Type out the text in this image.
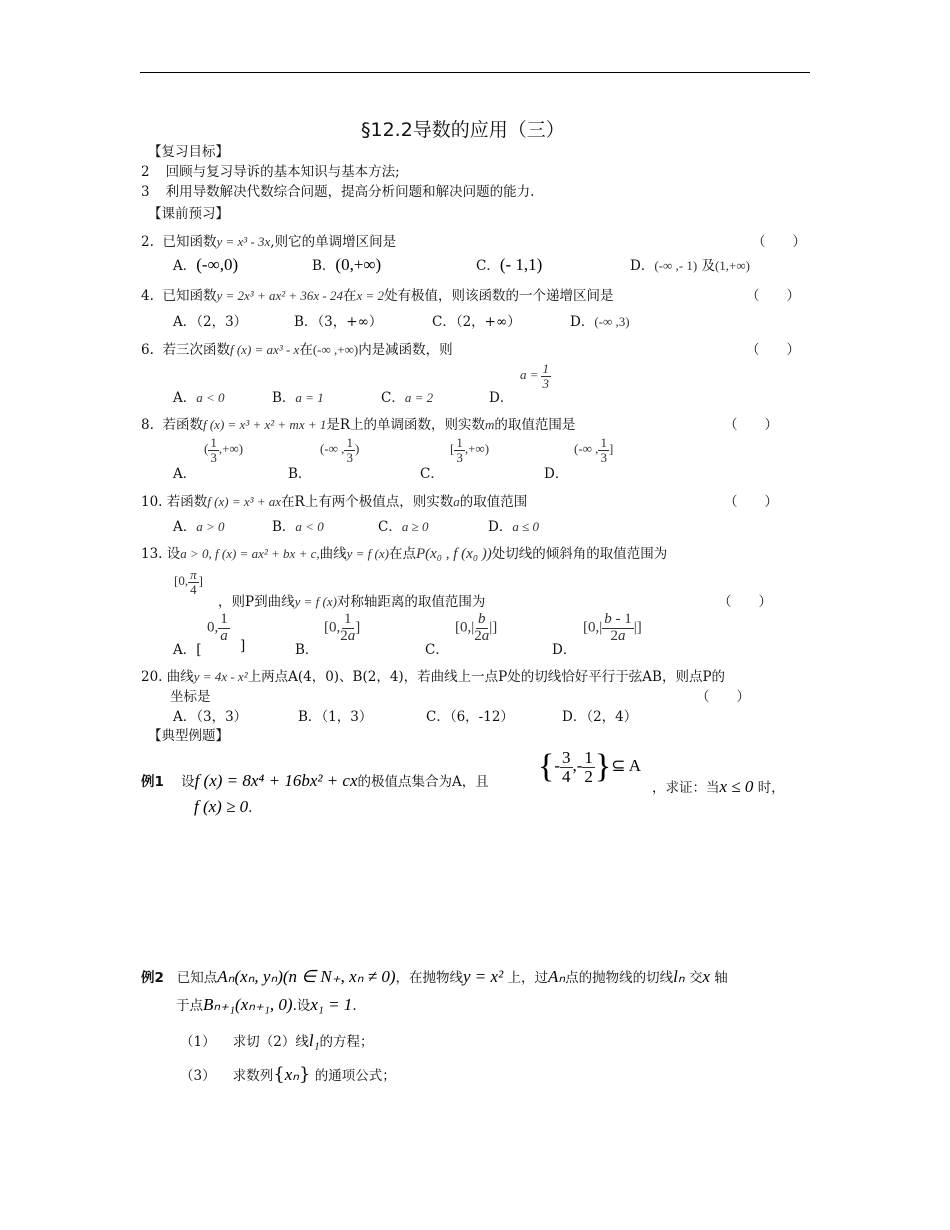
§12.2导数的应用（三）
【复习目标】
2 回顾与复习导诉的基本知识与基本方法;
3 利用导数解决代数综合问题，提高分析问题和解决问题的能力.
【课前预习】
2. 已知函数y = x³ - 3x,则它的单调增区间是	（　　）
A．(-∞,0)	B．(0,+∞)	C．(- 1,1)	D．(-∞ ,- 1) 及(1,+∞)
4. 已知函数y = 2x³ + ax² + 36x - 24在x = 2处有极值，则该函数的一个递增区间是	（　　）
A．（2，3）	B．（3，+∞）	C．（2，+∞）	D．(-∞ ,3)
6. 若三次函数f (x) = ax³ - x在(-∞ ,+∞)内是减函数，则	（　　）
A．a < 0	B．a = 1	C．a = 2	D．
$a = \frac{1}{3}$
8. 若函数f (x) = x³ + x² + mx + 1是R上的单调函数，则实数m的取值范围是	（　　）
A．
( $\frac{1}{3}$ ,+∞)
B．
(-∞ , $\frac{1}{3}$ )
C．
[ $\frac{1}{3}$ ,+∞)
D．
(-∞ , $\frac{1}{3}$ ]
10. 若函数f (x) = x³ + ax在R上有两个极值点，则实数a的取值范围	（　　）
A．a > 0	B．a < 0	C．a ≥ 0	D．a ≤ 0
13. 设a > 0, f (x) = ax² + bx + c,曲线y = f (x)在点P(x₀ , f (x₀ ))处切线的倾斜角的取值范围为
[0, $\frac{\pi}{4}$ ]
，则P到曲线y = f (x)对称轴距离的取值范围为	（　　）
A．[
0, $\frac{1}{a}$
]	B．
[0, $\frac{1}{2a}$ ]
C．
[$0,| \frac{b}{2a}$ |]
D．
[$0,| \frac{b - 1}{2a}$ |]
20. 曲线y = 4x - x²上两点A(4，0)、B(2，4)，若曲线上一点P处的切线恰好平行于弦AB，则点P的
坐标是	（　　）
A．（3，3）	B．（1，3）	C．（6，-12）	D．（2，4）
【典型例题】
例1 设f (x) = 8x⁴ + 16bx² + cx的极值点集合为A，且 {- $\frac{3}{4}$ ,- $\frac{1}{2}$ }⊆ A
，求证：当x ≤ 0 时，
f (x) ≥ 0.
例2 已知点Aₙ(xₙ, yₙ)(n ∈ N₊, xₙ ≠ 0)，在抛物线y = x² 上，过Aₙ点的抛物线的切线lₙ 交x 轴
于点Bₙ₊₁(xₙ₊₁, 0).设x₁ = 1.
（1） 求切（2）线l₁的方程；
（3） 求数列{xₙ} 的通项公式；
